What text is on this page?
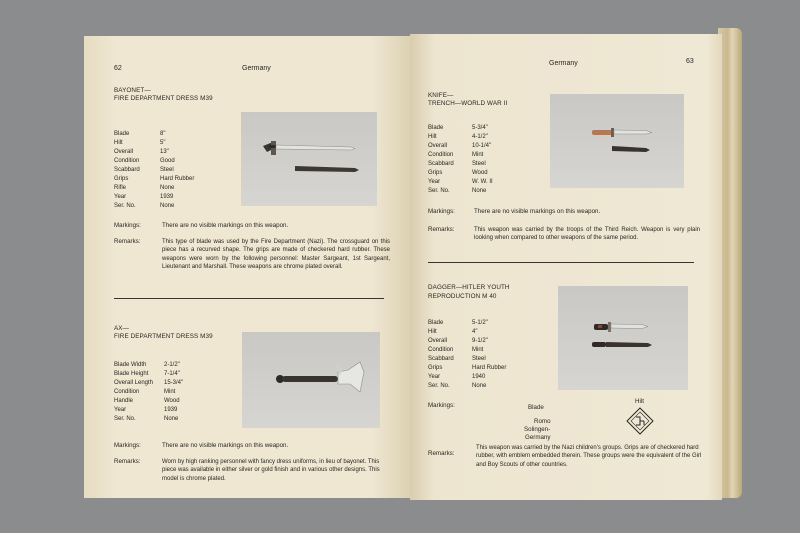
62	Germany
BAYONET—
FIRE DEPARTMENT DRESS M39
Blade	8"
Hilt	5"
Overall	13"
Condition	Good
Scabbard	Steel
Grips	Hard Rubber
Rifle	None
Year	1939
Ser. No.	None
Markings:	There are no visible markings on this weapon.
Remarks:	This type of blade was used by the Fire Department (Nazi). The crossguard on this piece has a recurved shape. The grips are made of checkered hard rubber. These weapons were worn by the following personnel: Master Sargeant, 1st Sargeant, Lieutenant and Marshall. These weapons are chrome plated overall.
AX—
FIRE DEPARTMENT DRESS M39
Blade Width	2-1/2"
Blade Height	7-1/4"
Overall Length 15-3/4"
Condition	Mint
Handle	Wood
Year	1939
Ser. No.	None
Markings:	There are no visible markings on this weapon.
Remarks:	Worn by high ranking personnel with fancy dress uniforms, in lieu of bayonet. This piece was available in either silver or gold finish and in various other designs. This model is chrome plated.
Germany	63
KNIFE—
TRENCH—WORLD WAR II
Blade	5-3/4"
Hilt	4-1/2"
Overall	10-1/4"
Condition	Mint
Scabbard	Steel
Grips	Wood
Year	W. W. II
Ser. No.	None
Markings:	There are no visible markings on this weapon.
Remarks:	This weapon was carried by the troops of the Third Reich. Weapon is very plain looking when compared to other weapons of the same period.
DAGGER—HITLER YOUTH
REPRODUCTION M 40
Blade	5-1/2"
Hilt	4"
Overall	9-1/2"
Condition	Mint
Scabbard	Steel
Grips	Hard Rubber
Year	1940
Ser. No.	None
Markings:	Blade
Romo
Solingen-
Germany
Hilt
Remarks:
This weapon was carried by the Nazi children's groups. Grips are of checkered hard rubber, with emblem embedded therein. These groups were the equivalent of the Girl and Boy Scouts of other countries.
